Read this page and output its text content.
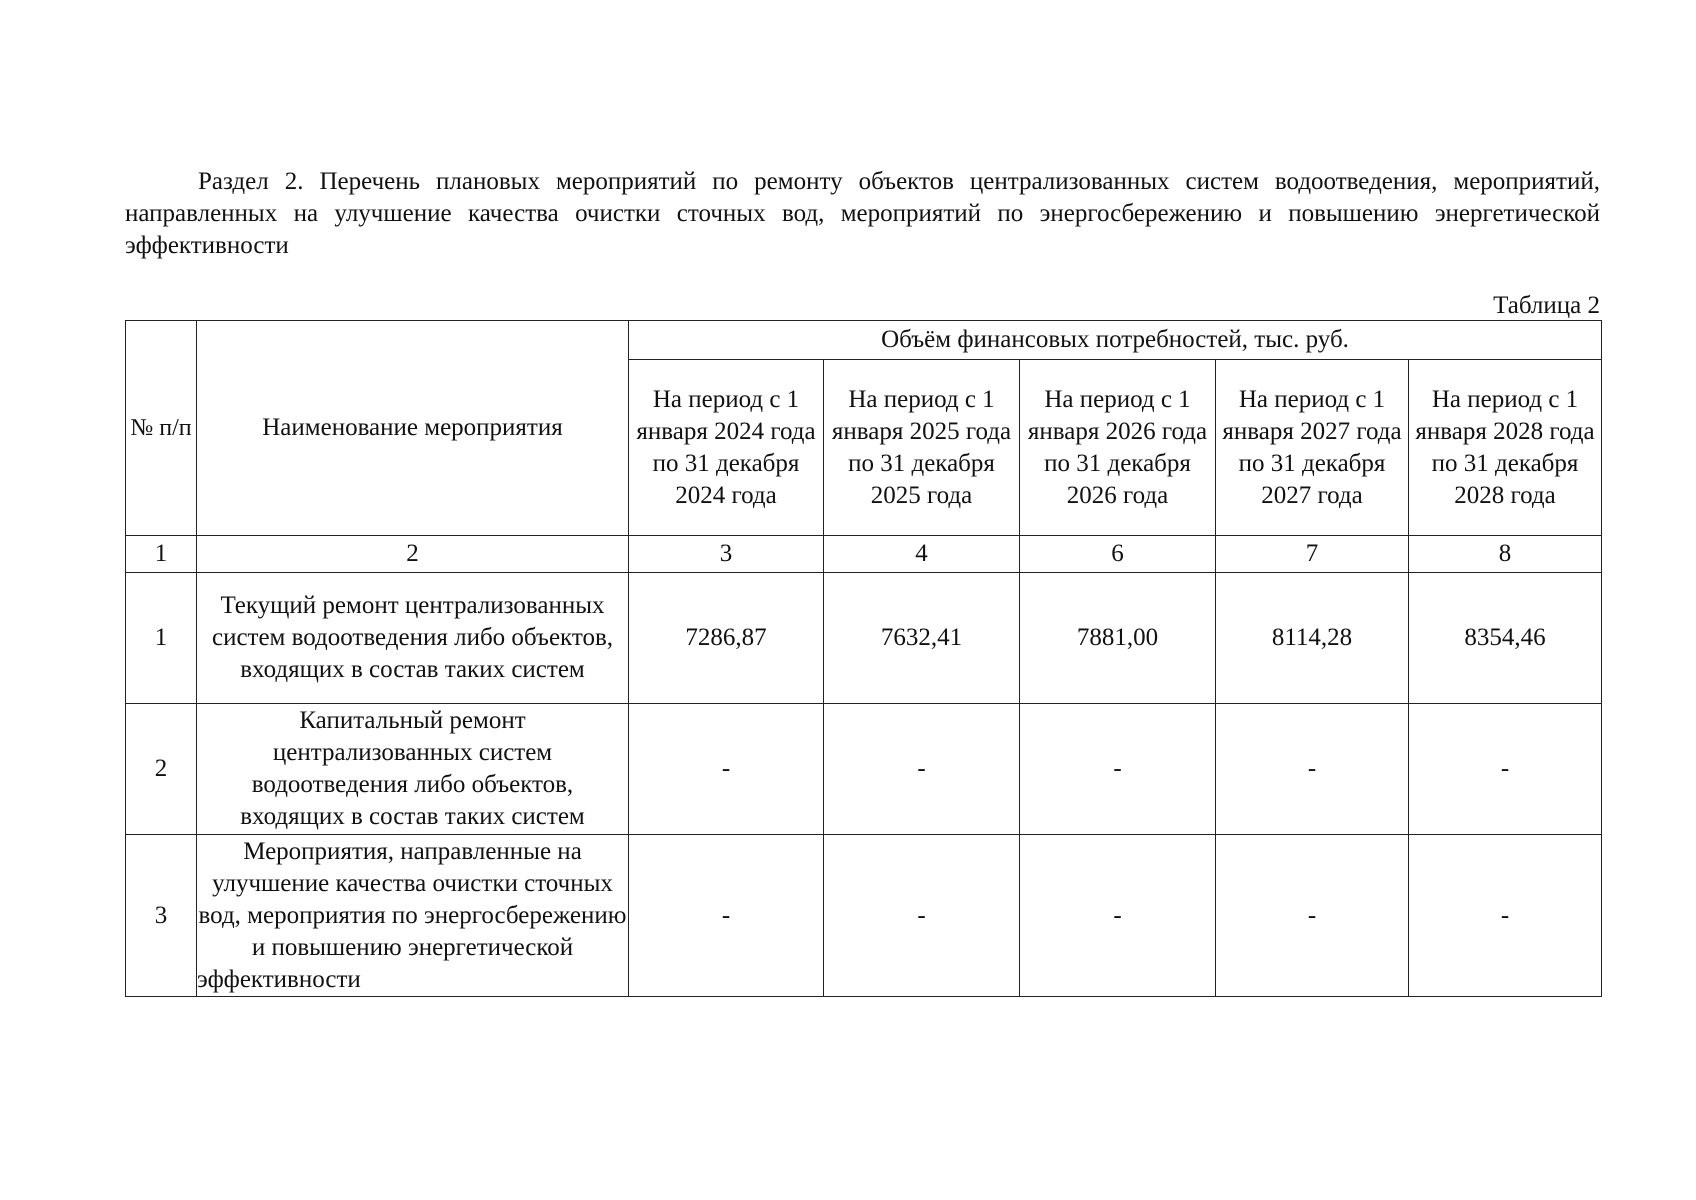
Раздел 2. Перечень плановых мероприятий по ремонту объектов централизованных систем водоотведения, мероприятий, направленных на улучшение качества очистки сточных вод, мероприятий по энергосбережению и повышению энергетической эффективности

Таблица 2

№ п/п	Наименование мероприятия	Объём финансовых потребностей, тыс. руб.				

		На период с 1 января 2024 года по 31 декабря 2024 года	На период с 1 января 2025 года по 31 декабря 2025 года	На период с 1 января 2026 года по 31 декабря 2026 года	На период с 1 января 2027 года по 31 декабря 2027 года	На период с 1 января 2028 года по 31 декабря 2028 года

1	2	3	4	6	7	8
1	Текущий ремонт централизованных систем водоотведения либо объектов, входящих в состав таких систем	7286,87	7632,41	7881,00	8114,28	8354,46
2	Капитальный ремонт централизованных систем водоотведения либо объектов, входящих в состав таких систем	-	-	-	-	-
3	Мероприятия, направленные на улучшение качества очистки сточных вод, мероприятия по энергосбережению и повышению энергетической эффективности	-	-	-	-	-
